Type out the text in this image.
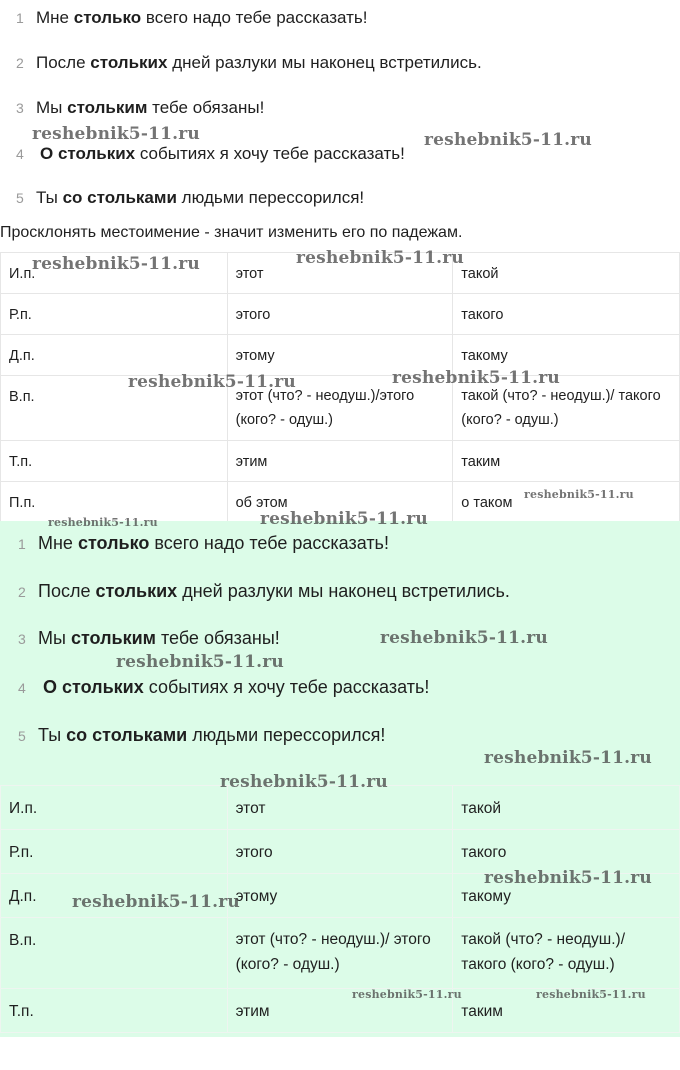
1 Мне столько всего надо тебе рассказать!
2 После стольких дней разлуки мы наконец встретились.
3 Мы стольким тебе обязаны!
4 О стольких событиях я хочу тебе рассказать!
5 Ты со стольками людьми перессорился!
Просклонять местоимение - значит изменить его по падежам.
И.п.	этот	такой

Р.п.	этого	такого

Д.п.	этому	такому

В.п.	этот (что? - неодуш.)/этого (кого? - одуш.)	такой (что? - неодуш.)/ такого (кого? - одуш.)

Т.п.	этим	таким

П.п.	об этом	о таком
1 Мне столько всего надо тебе рассказать!
2 После стольких дней разлуки мы наконец встретились.
3 Мы стольким тебе обязаны!
4 О стольких событиях я хочу тебе рассказать!
5 Ты со стольками людьми перессорился!
И.п.	этот	такой

Р.п.	этого	такого

Д.п.	этому	такому

В.п.	этот (что? - неодуш.)/ этого (кого? - одуш.)	такой (что? - неодуш.)/ такого (кого? - одуш.)

Т.п.	этим	таким
reshebnik5-11.ru	reshebnik5-11.ru
reshebnik5-11.ru	reshebnik5-11.ru
reshebnik5-11.ru	reshebnik5-11.ru
reshebnik5-11.ru
reshebnik5-11.ru	reshebnik5-11.ru
reshebnik5-11.ru
reshebnik5-11.ru
reshebnik5-11.ru
reshebnik5-11.ru
reshebnik5-11.ru
reshebnik5-11.ru
reshebnik5-11.ru	reshebnik5-11.ru
